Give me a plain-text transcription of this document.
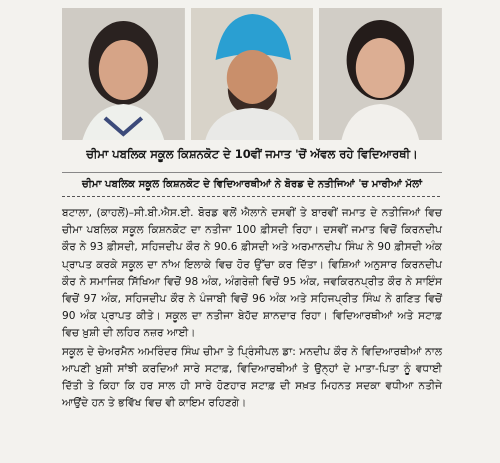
ਚੀਮਾ ਪਬਲਿਕ ਸਕੂਲ ਕਿਸ਼ਨਕੋਟ ਦੇ 10ਵੀਂ ਜਮਾਤ 'ਚੋਂ ਅੱਵਲ ਰਹੇ ਵਿਦਿਆਰਥੀ।
ਚੀਮਾ ਪਬਲਿਕ ਸਕੂਲ ਕਿਸ਼ਨਕੋਟ ਦੇ ਵਿਦਿਆਰਥੀਆਂ ਨੇ ਬੋਰਡ ਦੇ ਨਤੀਜਿਆਂ 'ਚ ਮਾਰੀਆਂ ਮੱਲਾਂ

ਬਟਾਲਾ, (ਕਾਹਲੋਂ)–ਸੀ.ਬੀ.ਐਸ.ਈ. ਬੋਰਡ ਵਲੋਂ ਐਲਾਨੇ ਦਸਵੀਂ ਤੇ ਬਾਰਵੀਂ ਜਮਾਤ ਦੇ ਨਤੀਜਿਆਂ ਵਿਚ ਚੀਮਾ ਪਬਲਿਕ ਸਕੂਲ ਕਿਸ਼ਨਕੋਟ ਦਾ ਨਤੀਜਾ 100 ਫ਼ੀਸਦੀ ਰਿਹਾ। ਦਸਵੀਂ ਜਮਾਤ ਵਿਚੋਂ ਕਿਰਨਦੀਪ ਕੌਰ ਨੇ 93 ਫ਼ੀਸਦੀ, ਸਹਿਜਦੀਪ ਕੌਰ ਨੇ 90.6 ਫ਼ੀਸਦੀ ਅਤੇ ਅਰਮਾਨਦੀਪ ਸਿੰਘ ਨੇ 90 ਫ਼ੀਸਦੀ ਅੰਕ ਪ੍ਰਾਪਤ ਕਰਕੇ ਸਕੂਲ ਦਾ ਨਾਂਅ ਇਲਾਕੇ ਵਿਚ ਹੋਰ ਉੱਚਾ ਕਰ ਦਿੱਤਾ। ਵਿਸ਼ਿਆਂ ਅਨੁਸਾਰ ਕਿਰਨਦੀਪ ਕੌਰ ਨੇ ਸਮਾਜਿਕ ਸਿੱਖਿਆ ਵਿਚੋਂ 98 ਅੰਕ, ਅੰਗਰੇਜ਼ੀ ਵਿਚੋਂ 95 ਅੰਕ, ਜਵਕਿਰਨਪ੍ਰੀਤ ਕੌਰ ਨੇ ਸਾਇੰਸ ਵਿਚੋਂ 97 ਅੰਕ, ਸਹਿਜਦੀਪ ਕੌਰ ਨੇ ਪੰਜਾਬੀ ਵਿਚੋਂ 96 ਅੰਕ ਅਤੇ ਸਹਿਜਪ੍ਰੀਤ ਸਿੰਘ ਨੇ ਗਣਿਤ ਵਿਚੋਂ 90 ਅੰਕ ਪ੍ਰਾਪਤ ਕੀਤੇ। ਸਕੂਲ ਦਾ ਨਤੀਜਾ ਬੇਹੱਦ ਸ਼ਾਨਦਾਰ ਰਿਹਾ। ਵਿਦਿਆਰਥੀਆਂ ਅਤੇ ਸਟਾਫ਼ ਵਿਚ ਖ਼ੁਸ਼ੀ ਦੀ ਲਹਿਰ ਨਜ਼ਰ ਆਈ।

ਸਕੂਲ ਦੇ ਚੇਅਰਮੈਨ ਅਮਰਿੰਦਰ ਸਿੰਘ ਚੀਮਾ ਤੇ ਪ੍ਰਿੰਸੀਪਲ ਡਾ: ਮਨਦੀਪ ਕੌਰ ਨੇ ਵਿਦਿਆਰਥੀਆਂ ਨਾਲ ਆਪਣੀ ਖ਼ੁਸ਼ੀ ਸਾਂਝੀ ਕਰਦਿਆਂ ਸਾਰੇ ਸਟਾਫ਼, ਵਿਦਿਆਰਥੀਆਂ ਤੇ ਉਨ੍ਹਾਂ ਦੇ ਮਾਤਾ-ਪਿਤਾ ਨੂੰ ਵਧਾਈ ਦਿੱਤੀ ਤੇ ਕਿਹਾ ਕਿ ਹਰ ਸਾਲ ਹੀ ਸਾਰੇ ਹੋਣਹਾਰ ਸਟਾਫ਼ ਦੀ ਸਖ਼ਤ ਮਿਹਨਤ ਸਦਕਾ ਵਧੀਆ ਨਤੀਜੇ ਆਉਂਦੇ ਹਨ ਤੇ ਭਵਿੱਖ ਵਿਚ ਵੀ ਕਾਇਮ ਰਹਿਣਗੇ।
